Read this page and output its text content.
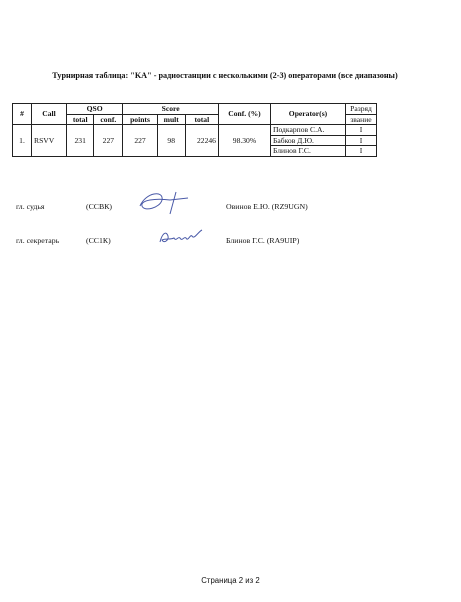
Турнирная таблица: "KA" - радиостанции с несколькими (2-3) операторами (все диапазоны)
#	Call	QSO		Score			Conf. (%)	Operator(s)	Разряд
		total	conf.	points	mult	total			звание
1.	RSVV	231	227	227	98	22246	98.30%	Подкарпов С.А.	I
								Бабков Д.Ю.	I
								Блинов Г.С.	I
гл. судья	(ССВК)	Овинов Е.Ю. (RZ9UGN)
гл. секретарь	(СС1К)	Блинов Г.С. (RA9UIP)
Страница 2 из 2
